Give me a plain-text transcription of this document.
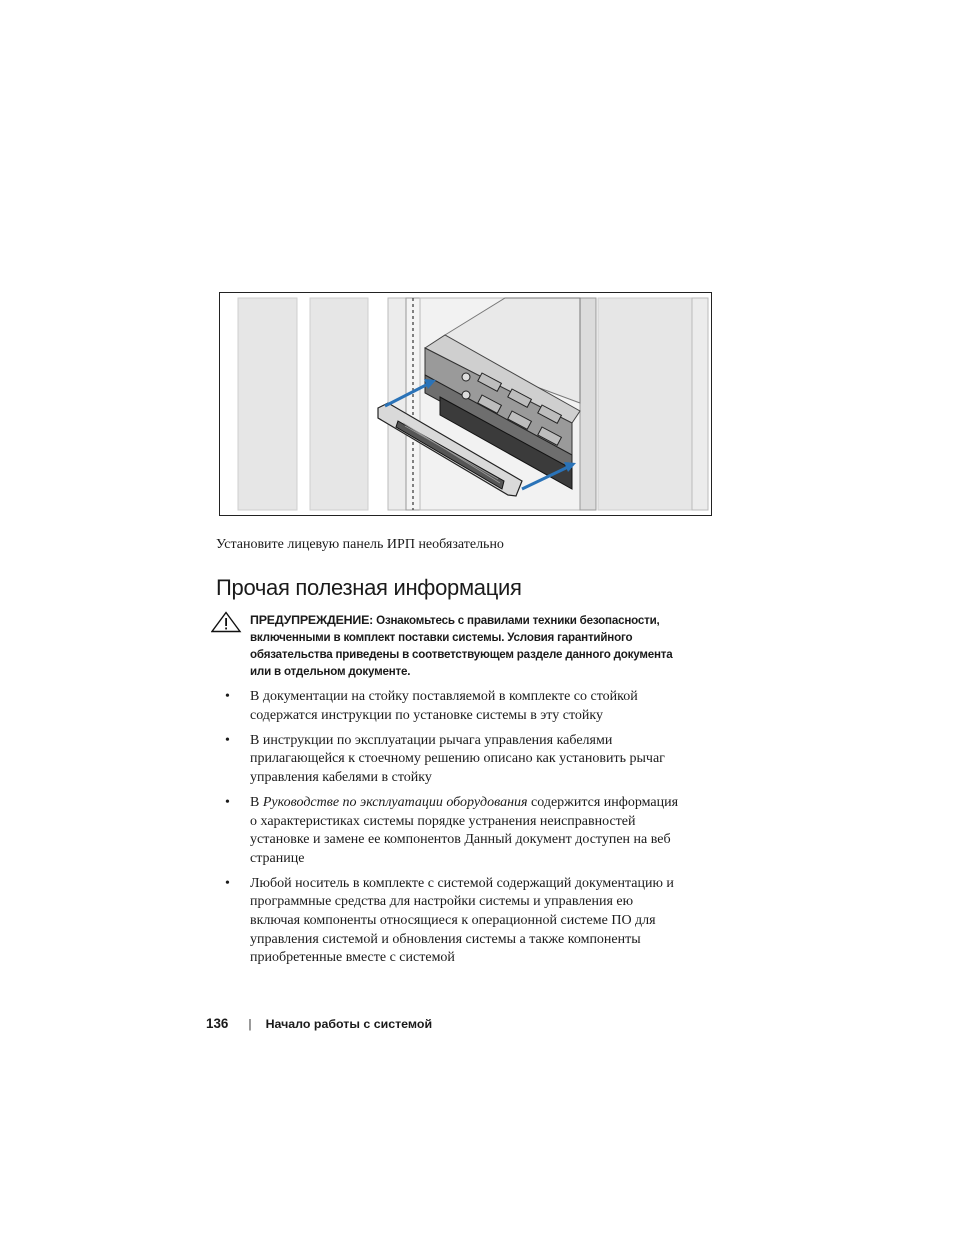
Установите лицевую панель ИРП необязательно
Прочая полезная информация
ПРЕДУПРЕЖДЕНИЕ: Ознакомьтесь с правилами техники безопасности,
включенными в комплект поставки системы. Условия гарантийного
обязательства приведены в соответствующем разделе данного документа
или в отдельном документе.
• В документации на стойку поставляемой в комплекте со стойкой
содержатся инструкции по установке системы в эту стойку
• В инструкции по эксплуатации рычага управления кабелями
прилагающейся к стоечному решению описано как установить рычаг
управления кабелями в стойку
• В Руководстве по эксплуатации оборудования содержится информация
о характеристиках системы порядке устранения неисправностей
установке и замене ее компонентов Данный документ доступен на веб
странице
• Любой носитель в комплекте с системой содержащий документацию и
программные средства для настройки системы и управления ею
включая компоненты относящиеся к операционной системе ПО для
управления системой и обновления системы а также компоненты
приобретенные вместе с системой
136 | Начало работы с системой
